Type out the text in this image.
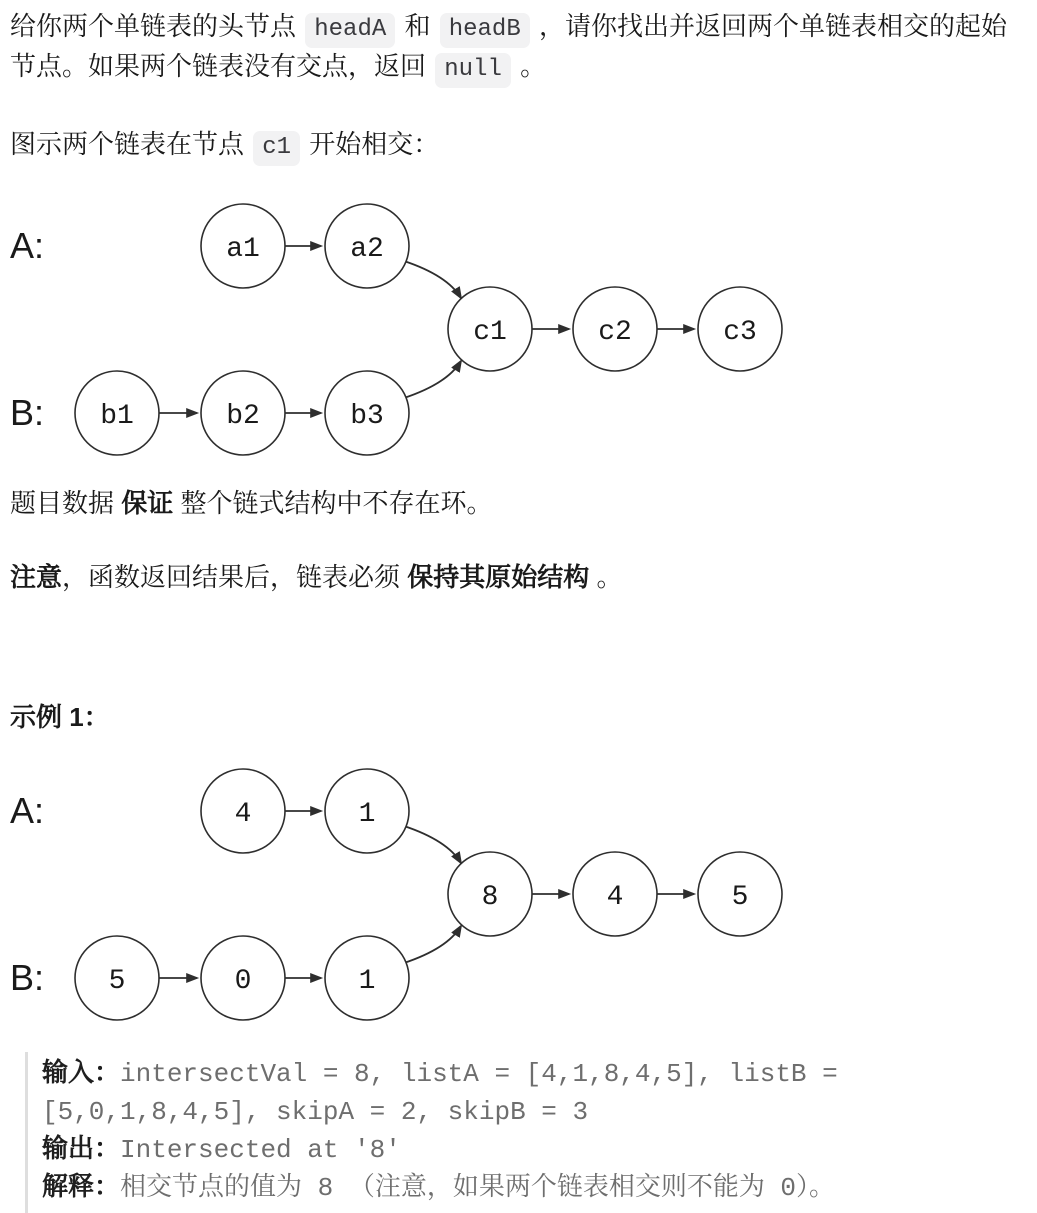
给你两个单链表的头节点 headA 和 headB ，请你找出并返回两个单链表相交的起始
节点。如果两个链表没有交点，返回 null 。

图示两个链表在节点 c1 开始相交：

A:
B:
a1	a2
c1	c2	c3
b1	b2	b3

题目数据 保证 整个链式结构中不存在环。

注意，函数返回结果后，链表必须 保持其原始结构 。

示例 1：

A:
B:
4	1
8	4	5
5	0	1
输入：intersectVal = 8, listA = [4,1,8,4,5], listB =
[5,0,1,8,4,5], skipA = 2, skipB = 3
输出：Intersected at '8'
解释：相交节点的值为 8 （注意，如果两个链表相交则不能为 0）。
